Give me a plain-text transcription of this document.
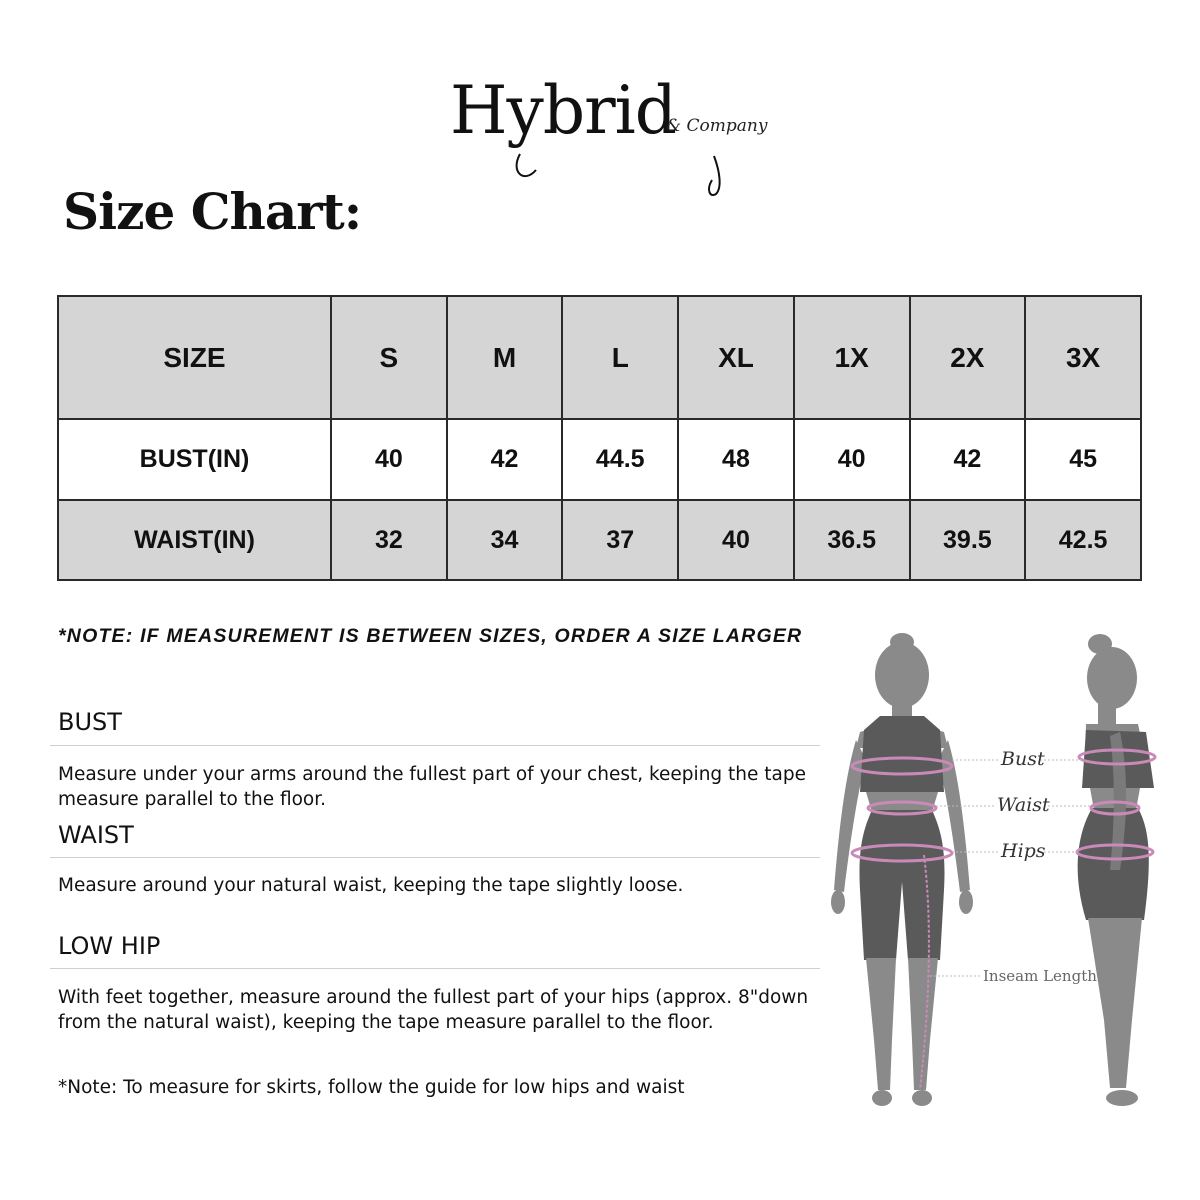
Hybrid
& Company
Size Chart:
SIZE	S	M	L	XL	1X	2X	3X
BUST(IN)	40	42	44.5	48	40	42	45
WAIST(IN)	32	34	37	40	36.5	39.5	42.5
*NOTE: IF MEASUREMENT IS BETWEEN SIZES, ORDER A SIZE LARGER
BUST
Measure under your arms around the fullest part of your chest, keeping the tape measure parallel to the floor.
WAIST
Measure around your natural waist, keeping the tape slightly loose.
LOW HIP
With feet together, measure around the fullest part of your hips (approx. 8"down from the natural waist), keeping the tape measure parallel to the floor.
*Note: To measure for skirts, follow the guide for low hips and waist
Bust
Waist
Hips
Inseam Length
